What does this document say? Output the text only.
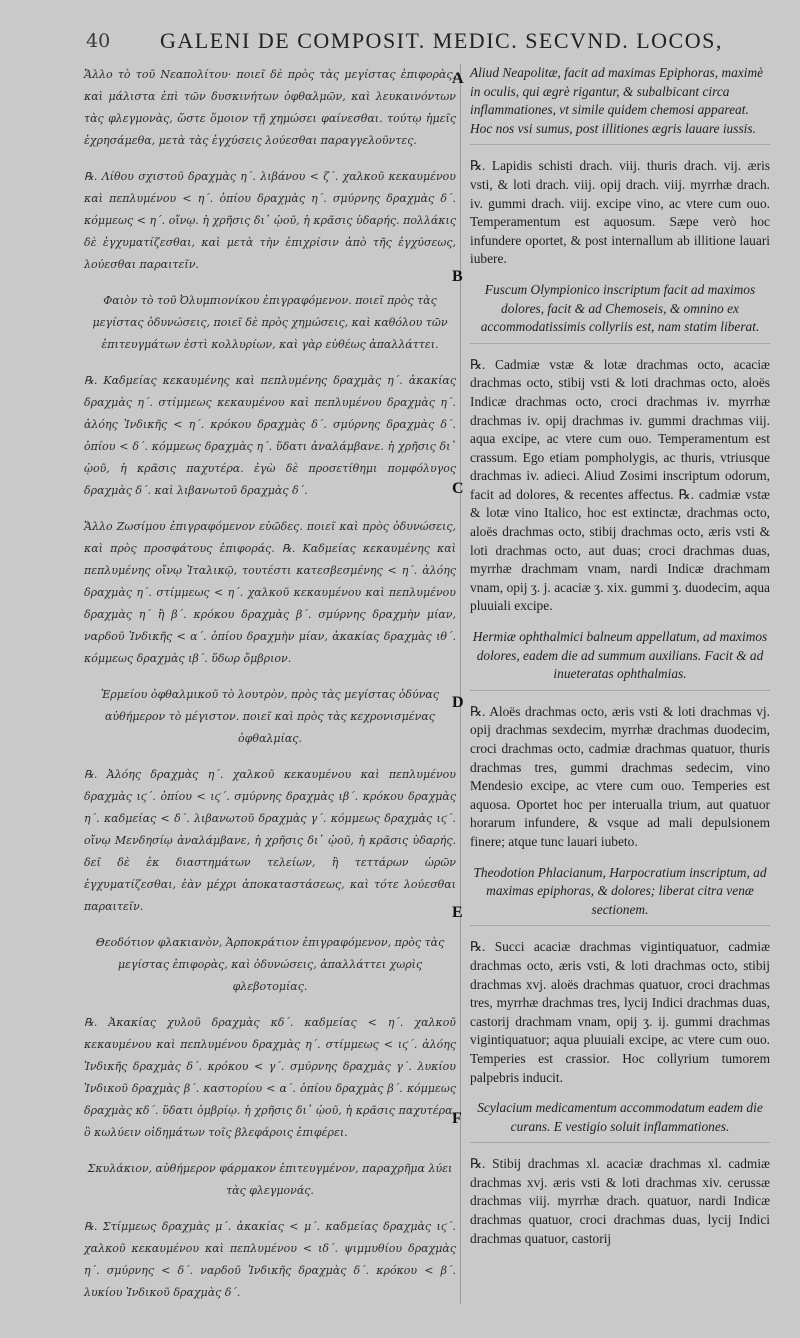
40 GALENI DE COMPOSIT. MEDIC. SECVND. LOCOS,
Ἄλλο τὸ τοῦ Νεαπολίτου· ποιεῖ δὲ πρὸς τὰς μεγίστας ἐπιφορὰς, καὶ μάλιστα ἐπὶ τῶν δυσκινήτων ὀφθαλμῶν, καὶ λευκαινόντων τὰς φλεγμονὰς, ὥστε ὅμοιον τῇ χημώσει φαίνεσθαι. τούτῳ ἡμεῖς ἐχρησάμεθα, μετὰ τὰς ἐγχύσεις λούεσθαι παραγγελοῦντες.
℞. Λίθου σχιστοῦ δραχμὰς η΄. λιβάνου < ζ΄. χαλκοῦ κεκαυμένου καὶ πεπλυμένου < η΄. ὀπίου δραχμὰς η΄. σμύρνης δραχμὰς δ΄. κόμμεως < η΄. οἴνῳ. ἡ χρῆσις δι᾽ ᾠοῦ, ἡ κρᾶσις ὑδαρής. πολλάκις δὲ ἐγχυματίζεσθαι, καὶ μετὰ τὴν ἐπιχρίσιν ἀπὸ τῆς ἐγχύσεως, λούεσθαι παραιτεῖν.
Φαιὸν τὸ τοῦ Ὀλυμπιονίκου ἐπιγραφόμενον. ποιεῖ πρὸς τὰς μεγίστας ὀδυνώσεις, ποιεῖ δὲ πρὸς χημώσεις, καὶ καθόλου τῶν ἐπιτευγμάτων ἐστὶ κολλυρίων, καὶ γὰρ εὐθέως ἀπαλλάττει.
℞. Καδμείας κεκαυμένης καὶ πεπλυμένης δραχμὰς η΄. ἀκακίας δραχμὰς η΄. στίμμεως κεκαυμένου καὶ πεπλυμένου δραχμὰς η΄. ἀλόης Ἰνδικῆς < η΄. κρόκου δραχμὰς δ΄. σμύρνης δραχμὰς δ΄. ὀπίου < δ΄. κόμμεως δραχμὰς η΄. ὕδατι ἀναλάμβανε. ἡ χρῆσις δι᾽ ᾠοῦ, ἡ κρᾶσις παχυτέρα. ἐγὼ δὲ προσετίθημι πομφόλυγος δραχμὰς δ΄. καὶ λιβανωτοῦ δραχμὰς δ΄.
Ἄλλο Ζωσίμου ἐπιγραφόμενον εὐῶδες. ποιεῖ καὶ πρὸς ὀδυνώσεις, καὶ πρὸς προσφάτους ἐπιφοράς. ℞. Καδμείας κεκαυμένης καὶ πεπλυμένης οἴνῳ Ἰταλικῷ, τουτέστι κατεσβεσμένης < η΄. ἀλόης δραχμὰς η΄. στίμμεως < η΄. χαλκοῦ κεκαυμένου καὶ πεπλυμένου δραχμὰς η΄ ἢ β΄. κρόκου δραχμὰς β΄. σμύρνης δραχμὴν μίαν, ναρδοῦ Ἰνδικῆς < α΄. ὀπίου δραχμὴν μίαν, ἀκακίας δραχμὰς ιθ΄. κόμμεως δραχμὰς ιβ΄. ὕδωρ ὄμβριον.
Ἑρμείου ὀφθαλμικοῦ τὸ λουτρὸν, πρὸς τὰς μεγίστας ὀδύνας αὐθήμερον τὸ μέγιστον. ποιεῖ καὶ πρὸς τὰς κεχρονισμένας ὀφθαλμίας.
℞. Ἀλόης δραχμὰς η΄. χαλκοῦ κεκαυμένου καὶ πεπλυμένου δραχμὰς ιϛ΄. ὀπίου < ιϛ΄. σμύρνης δραχμὰς ιβ΄. κρόκου δραχμὰς η΄. καδμείας < δ΄. λιβανωτοῦ δραχμὰς γ΄. κόμμεως δραχμὰς ιϛ΄. οἴνῳ Μενδησίῳ ἀναλάμβανε, ἡ χρῆσις δι᾽ ᾠοῦ, ἡ κρᾶσις ὑδαρής. δεῖ δὲ ἐκ διαστημάτων τελείων, ἢ τεττάρων ὡρῶν ἐγχυματίζεσθαι, ἐὰν μέχρι ἀποκαταστάσεως, καὶ τότε λούεσθαι παραιτεῖν.
Θεοδότιον φλακιανὸν, Ἁρποκράτιον ἐπιγραφόμενον, πρὸς τὰς μεγίστας ἐπιφορὰς, καὶ ὀδυνώσεις, ἀπαλλάττει χωρὶς φλεβοτομίας.
℞. Ἀκακίας χυλοῦ δραχμὰς κδ΄. καδμείας < η΄. χαλκοῦ κεκαυμένου καὶ πεπλυμένου δραχμὰς η΄. στίμμεως < ιϛ΄. ἀλόης Ἰνδικῆς δραχμὰς δ΄. κρόκου < γ΄. σμύρνης δραχμὰς γ΄. λυκίου Ἰνδικοῦ δραχμὰς β΄. καστορίου < α΄. ὀπίου δραχμὰς β΄. κόμμεως δραχμὰς κδ΄. ὕδατι ὀμβρίῳ. ἡ χρῆσις δι᾽ ᾠοῦ, ἡ κρᾶσις παχυτέρα, ὃ κωλύειν οἰδημάτων τοῖς βλεφάροις ἐπιφέρει.
Σκυλάκιον, αὐθήμερον φάρμακον ἐπιτευγμένον, παραχρῆμα λύει τὰς φλεγμονάς.
℞. Στίμμεως δραχμὰς μ΄. ἀκακίας < μ΄. καδμείας δραχμὰς ιϛ΄. χαλκοῦ κεκαυμένου καὶ πεπλυμένου < ιδ΄. ψιμμυθίου δραχμὰς η΄. σμύρνης < δ΄. ναρδοῦ Ἰνδικῆς δραχμὰς δ΄. κρόκου < β΄. λυκίου Ἰνδικοῦ δραχμὰς δ΄.
Aliud Neapolitæ, facit ad maximas Epiphoras, maximè in oculis, qui ægrè rigantur, & subalbicant circa inflammationes, vt simile quidem chemosi appareat. Hoc nos vsi sumus, post illitiones ægris lauare iussis.
℞. Lapidis schisti drach. viij. thuris drach. vij. æris vsti, & loti drach. viij. opij drach. viij. myrrhæ drach. iv. gummi drach. viij. excipe vino, ac vtere cum ouo. Temperamentum est aquosum. Sæpe verò hoc infundere oportet, & post internallum ab illitione lauari iubere.
Fuscum Olympionico inscriptum facit ad maximos dolores, facit & ad Chemoseis, & omnino ex accommodatissimis collyriis est, nam statim liberat.
℞. Cadmiæ vstæ & lotæ drachmas octo, acaciæ drachmas octo, stibij vsti & loti drachmas octo, aloës Indicæ drachmas octo, croci drachmas iv. myrrhæ drachmas iv. opij drachmas iv. gummi drachmas viij. aqua excipe, ac vtere cum ouo. Temperamentum est crassum. Ego etiam pompholygis, ac thuris, vtriusque drachmas iv. adieci. Aliud Zosimi inscriptum odorum, facit ad dolores, & recentes affectus. ℞. cadmiæ vstæ & lotæ vino Italico, hoc est extinctæ, drachmas octo, aloës drachmas octo, stibij drachmas octo, æris vsti & loti drachmas octo, aut duas; croci drachmas duas, myrrhæ drachmam vnam, nardi Indicæ drachmam vnam, opij ʒ. j. acaciæ ʒ. xix. gummi ʒ. duodecim, aqua pluuiali excipe.
Hermiæ ophthalmici balneum appellatum, ad maximos dolores, eadem die ad summum auxilians. Facit & ad inueteratas ophthalmias.
℞. Aloës drachmas octo, æris vsti & loti drachmas vj. opij drachmas sexdecim, myrrhæ drachmas duodecim, croci drachmas octo, cadmiæ drachmas quatuor, thuris drachmas tres, gummi drachmas sedecim, vino Mendesio excipe, ac vtere cum ouo. Temperies est aquosa. Oportet hoc per interualla trium, aut quatuor horarum infundere, & vsque ad mali depulsionem finere; atque tunc lauari iubeto.
Theodotion Phlacianum, Harpocratium inscriptum, ad maximas epiphoras, & dolores; liberat citra venæ sectionem.
℞. Succi acaciæ drachmas vigintiquatuor, cadmiæ drachmas octo, æris vsti, & loti drachmas octo, stibij drachmas xvj. aloës drachmas quatuor, croci drachmas tres, myrrhæ drachmas tres, lycij Indici drachmas duas, castorij drachmam vnam, opij ʒ. ij. gummi drachmas vigintiquatuor; aqua pluuiali excipe, ac vtere cum ouo. Temperies est crassior. Hoc collyrium tumorem palpebris inducit.
Scylacium medicamentum accommodatum eadem die curans. E vestigio soluit inflammationes.
℞. Stibij drachmas xl. acaciæ drachmas xl. cadmiæ drachmas xvj. æris vsti & loti drachmas xiv. cerussæ drachmas viij. myrrhæ drach. quatuor, nardi Indicæ drachmas quatuor, croci drachmas duas, lycij Indici drachmas quatuor, castorij
A
B
C
D
E
F
